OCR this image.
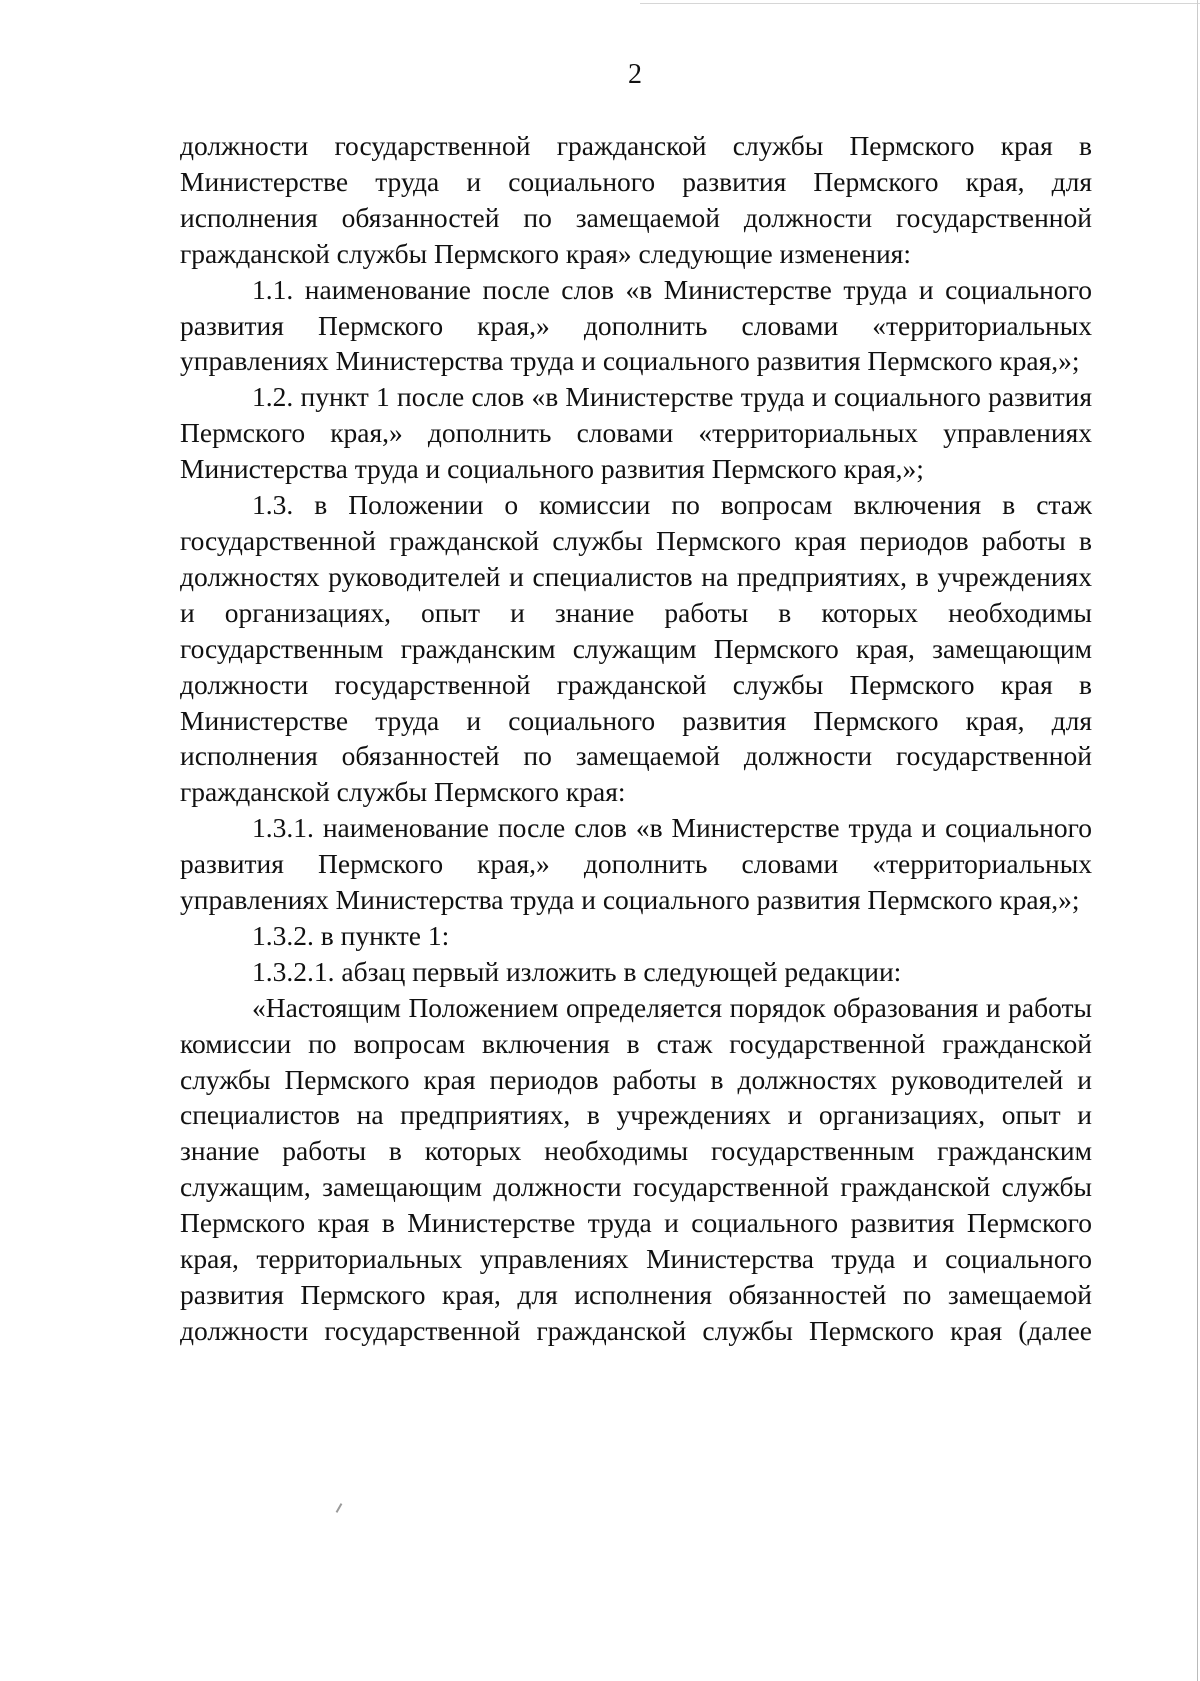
2

должности государственной гражданской службы Пермского края в Министерстве труда и социального развития Пермского края, для исполнения обязанностей по замещаемой должности государственной гражданской службы Пермского края» следующие изменения:

1.1. наименование после слов «в Министерстве труда и социального развития Пермского края,» дополнить словами «территориальных управлениях Министерства труда и социального развития Пермского края,»;

1.2. пункт 1 после слов «в Министерстве труда и социального развития Пермского края,» дополнить словами «территориальных управлениях Министерства труда и социального развития Пермского края,»;

1.3. в Положении о комиссии по вопросам включения в стаж государственной гражданской службы Пермского края периодов работы в должностях руководителей и специалистов на предприятиях, в учреждениях и организациях, опыт и знание работы в которых необходимы государственным гражданским служащим Пермского края, замещающим должности государственной гражданской службы Пермского края в Министерстве труда и социального развития Пермского края, для исполнения обязанностей по замещаемой должности государственной гражданской службы Пермского края:

1.3.1. наименование после слов «в Министерстве труда и социального развития Пермского края,» дополнить словами «территориальных управлениях Министерства труда и социального развития Пермского края,»;

1.3.2. в пункте 1:

1.3.2.1. абзац первый изложить в следующей редакции:

«Настоящим Положением определяется порядок образования и работы комиссии по вопросам включения в стаж государственной гражданской службы Пермского края периодов работы в должностях руководителей и специалистов на предприятиях, в учреждениях и организациях, опыт и знание работы в которых необходимы государственным гражданским служащим, замещающим должности государственной гражданской службы Пермского края в Министерстве труда и социального развития Пермского края, территориальных управлениях Министерства труда и социального развития Пермского края, для исполнения обязанностей по замещаемой должности государственной гражданской службы Пермского края (далее
